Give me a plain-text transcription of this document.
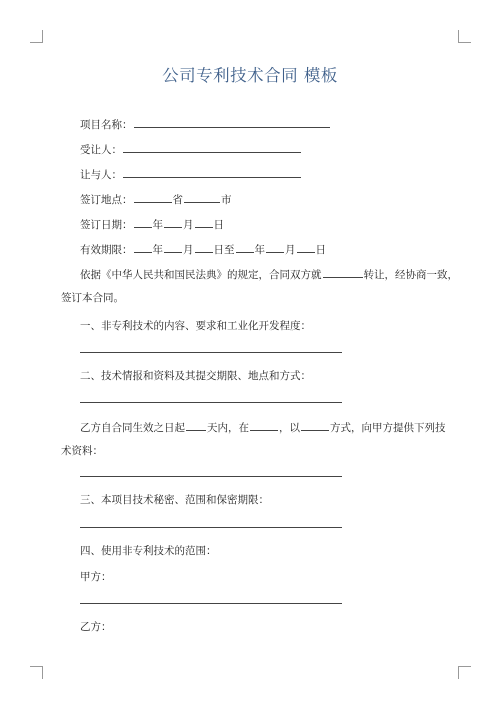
公司专利技术合同 模板
项目名称：
受让人：
让与人：
签订地点：	省	市
签订日期： 年 月 日
有效期限： 年 月 日至 年 月 日
依据《中华人民共和国民法典》的规定，合同双方就	转让，经协商一致，
签订本合同。
一、非专利技术的内容、要求和工业化开发程度：
二、技术情报和资料及其提交期限、地点和方式：
乙方自合同生效之日起 天内，在	，以	方式，向甲方提供下列技
术资料：
三、本项目技术秘密、范围和保密期限：
四、使用非专利技术的范围：
甲方：
乙方：
